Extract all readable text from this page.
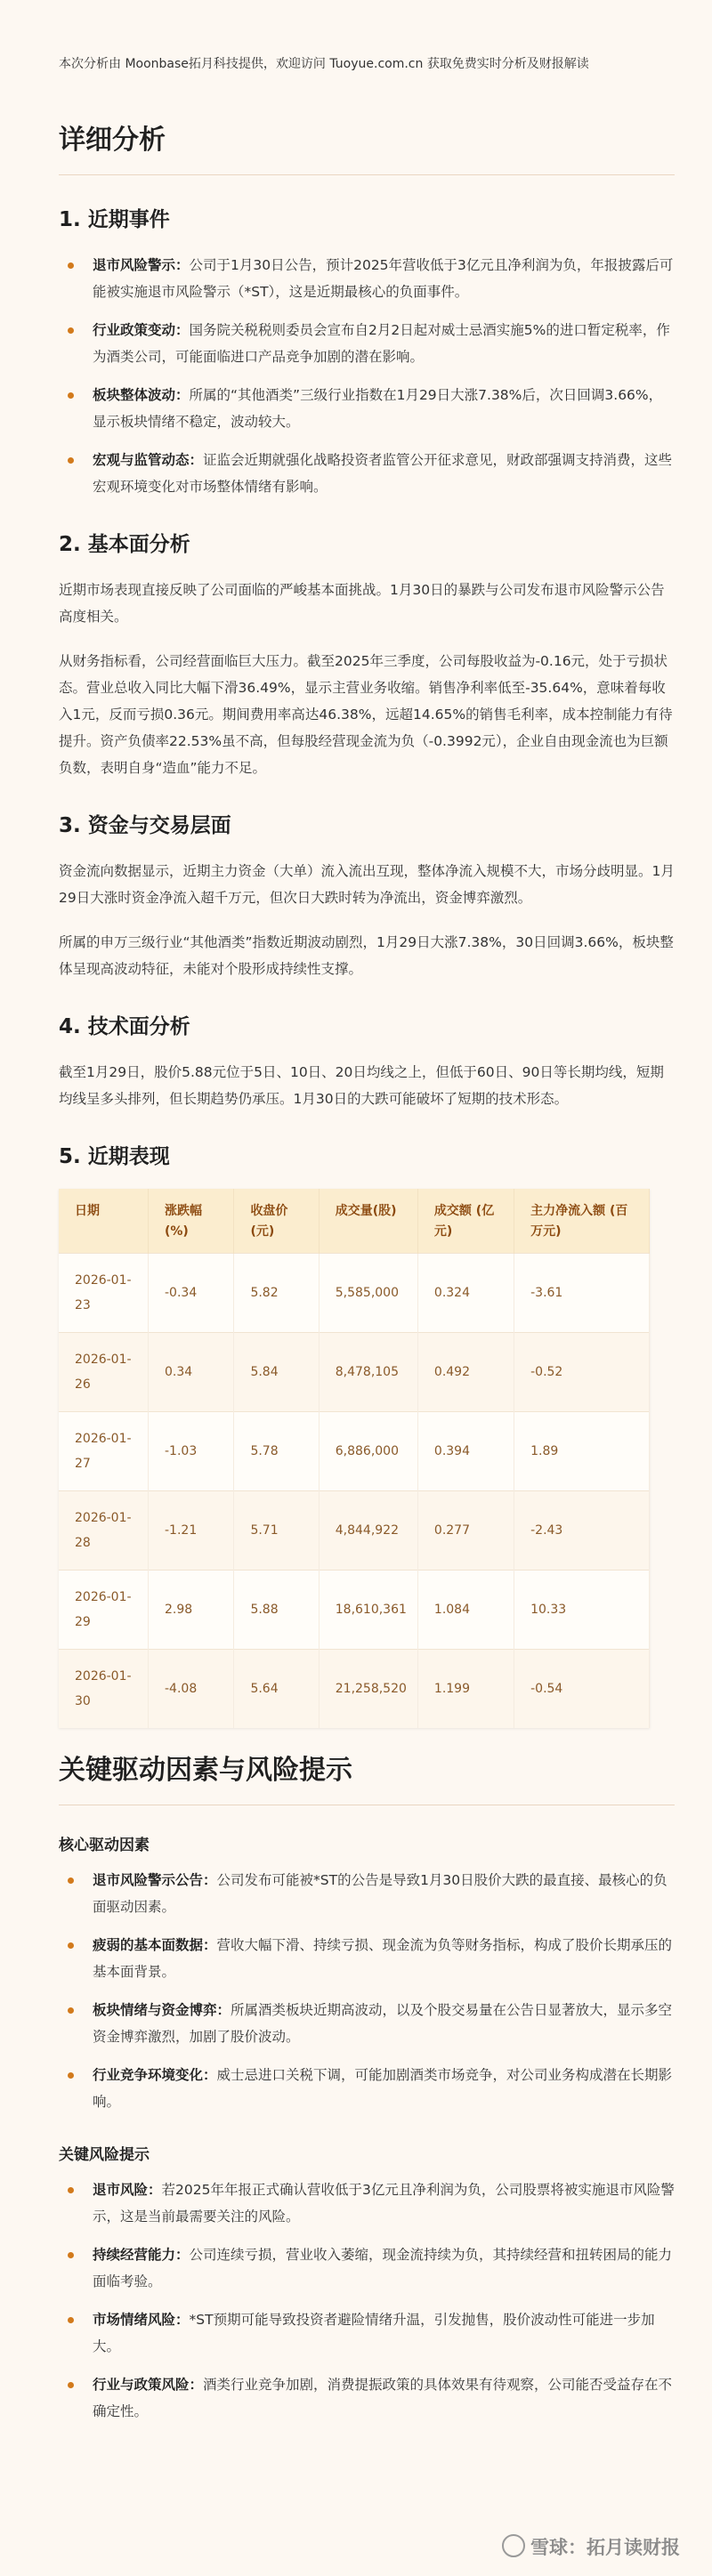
本次分析由 Moonbase拓月科技提供，欢迎访问 Tuoyue.com.cn 获取免费实时分析及财报解读

详细分析
1. 近期事件
退市风险警示：公司于1月30日公告，预计2025年营收低于3亿元且净利润为负，年报披露后可能被实施退市风险警示（*ST），这是近期最核心的负面事件。
行业政策变动：国务院关税税则委员会宣布自2月2日起对威士忌酒实施5%的进口暂定税率，作为酒类公司，可能面临进口产品竞争加剧的潜在影响。
板块整体波动：所属的“其他酒类”三级行业指数在1月29日大涨7.38%后，次日回调3.66%，显示板块情绪不稳定，波动较大。
宏观与监管动态：证监会近期就强化战略投资者监管公开征求意见，财政部强调支持消费，这些宏观环境变化对市场整体情绪有影响。
2. 基本面分析

近期市场表现直接反映了公司面临的严峻基本面挑战。1月30日的暴跌与公司发布退市风险警示公告高度相关。

从财务指标看，公司经营面临巨大压力。截至2025年三季度，公司每股收益为-0.16元，处于亏损状态。营业总收入同比大幅下滑36.49%，显示主营业务收缩。销售净利率低至-35.64%，意味着每收入1元，反而亏损0.36元。期间费用率高达46.38%，远超14.65%的销售毛利率，成本控制能力有待提升。资产负债率22.53%虽不高，但每股经营现金流为负（-0.3992元），企业自由现金流也为巨额负数，表明自身“造血”能力不足。

3. 资金与交易层面

资金流向数据显示，近期主力资金（大单）流入流出互现，整体净流入规模不大，市场分歧明显。1月29日大涨时资金净流入超千万元，但次日大跌时转为净流出，资金博弈激烈。

所属的申万三级行业“其他酒类”指数近期波动剧烈，1月29日大涨7.38%，30日回调3.66%，板块整体呈现高波动特征，未能对个股形成持续性支撑。

4. 技术面分析

截至1月29日，股价5.88元位于5日、10日、20日均线之上，但低于60日、90日等长期均线，短期均线呈多头排列，但长期趋势仍承压。1月30日的大跌可能破坏了短期的技术形态。

5. 近期表现
日期	涨跌幅 (%)	收盘价 (元)	成交量(股)	成交额 (亿元)	主力净流入额 (百万元)
2026-01-23	-0.34	5.82	5,585,000	0.324	-3.61
2026-01-26	0.34	5.84	8,478,105	0.492	-0.52
2026-01-27	-1.03	5.78	6,886,000	0.394	1.89
2026-01-28	-1.21	5.71	4,844,922	0.277	-2.43
2026-01-29	2.98	5.88	18,610,361	1.084	10.33
2026-01-30	-4.08	5.64	21,258,520	1.199	-0.54
关键驱动因素与风险提示
核心驱动因素
退市风险警示公告：公司发布可能被*ST的公告是导致1月30日股价大跌的最直接、最核心的负面驱动因素。
疲弱的基本面数据：营收大幅下滑、持续亏损、现金流为负等财务指标，构成了股价长期承压的基本面背景。
板块情绪与资金博弈：所属酒类板块近期高波动，以及个股交易量在公告日显著放大，显示多空资金博弈激烈，加剧了股价波动。
行业竞争环境变化：威士忌进口关税下调，可能加剧酒类市场竞争，对公司业务构成潜在长期影响。
关键风险提示
退市风险：若2025年年报正式确认营收低于3亿元且净利润为负，公司股票将被实施退市风险警示，这是当前最需要关注的风险。
持续经营能力：公司连续亏损，营业收入萎缩，现金流持续为负，其持续经营和扭转困局的能力面临考验。
市场情绪风险：*ST预期可能导致投资者避险情绪升温，引发抛售，股价波动性可能进一步加大。
行业与政策风险：酒类行业竞争加剧，消费提振政策的具体效果有待观察，公司能否受益存在不确定性。
雪球：拓月读财报
